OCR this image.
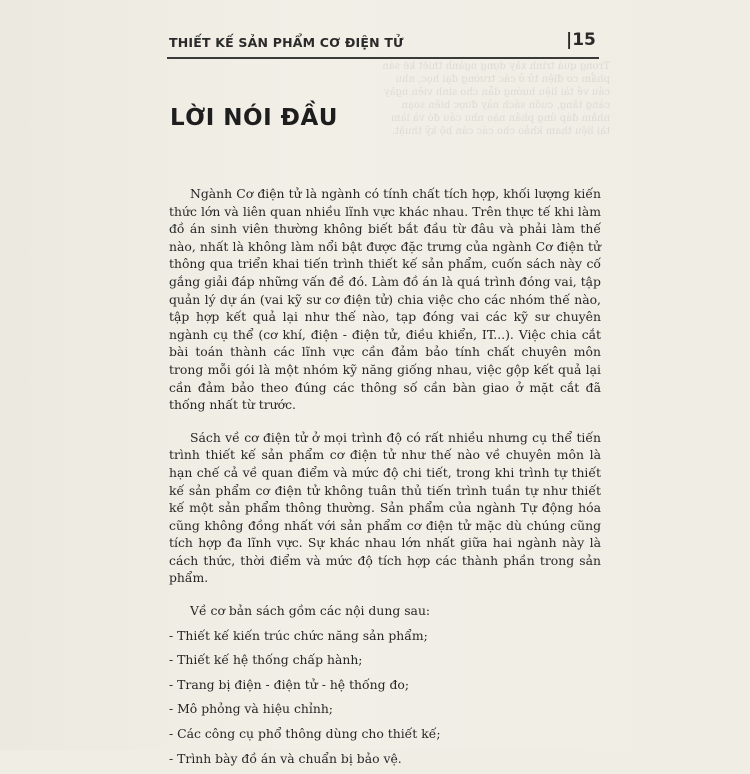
Trong quá trình xây dựng ngành thiết kế sản phẩm cơ điện tử ở các trường đại học, nhu cầu về tài liệu hướng dẫn cho sinh viên ngày càng tăng, cuốn sách này được biên soạn nhằm đáp ứng phần nào nhu cầu đó và làm tài liệu tham khảo cho các cán bộ kỹ thuật.
THIẾT KẾ SẢN PHẨM CƠ ĐIỆN TỬ	|15
LỜI NÓI ĐẦU

Ngành Cơ điện tử là ngành có tính chất tích hợp, khối lượng kiến thức lớn và liên quan nhiều lĩnh vực khác nhau. Trên thực tế khi làm đồ án sinh viên thường không biết bắt đầu từ đâu và phải làm thế nào, nhất là không làm nổi bật được đặc trưng của ngành Cơ điện tử thông qua triển khai tiến trình thiết kế sản phẩm, cuốn sách này cố gắng giải đáp những vấn đề đó. Làm đồ án là quá trình đóng vai, tập quản lý dự án (vai kỹ sư cơ điện tử) chia việc cho các nhóm thế nào, tập hợp kết quả lại như thế nào, tạp đóng vai các kỹ sư chuyên ngành cụ thể (cơ khí, điện - điện tử, điều khiển, IT...). Việc chia cắt bài toán thành các lĩnh vực cần đảm bảo tính chất chuyên môn trong mỗi gói là một nhóm kỹ năng giống nhau, việc gộp kết quả lại cần đảm bảo theo đúng các thông số cần bàn giao ở mặt cắt đã thống nhất từ trước.

Sách về cơ điện tử ở mọi trình độ có rất nhiều nhưng cụ thể tiến trình thiết kế sản phẩm cơ điện tử như thế nào về chuyên môn là hạn chế cả về quan điểm và mức độ chi tiết, trong khi trình tự thiết kế sản phẩm cơ điện tử không tuân thủ tiến trình tuần tự như thiết kế một sản phẩm thông thường. Sản phẩm của ngành Tự động hóa cũng không đồng nhất với sản phẩm cơ điện tử mặc dù chúng cũng tích hợp đa lĩnh vực. Sự khác nhau lớn nhất giữa hai ngành này là cách thức, thời điểm và mức độ tích hợp các thành phần trong sản phẩm.

Về cơ bản sách gồm các nội dung sau:
- Thiết kế kiến trúc chức năng sản phẩm;
- Thiết kế hệ thống chấp hành;
- Trang bị điện - điện tử - hệ thống đo;
- Mô phỏng và hiệu chỉnh;
- Các công cụ phổ thông dùng cho thiết kế;
- Trình bày đồ án và chuẩn bị bảo vệ.
